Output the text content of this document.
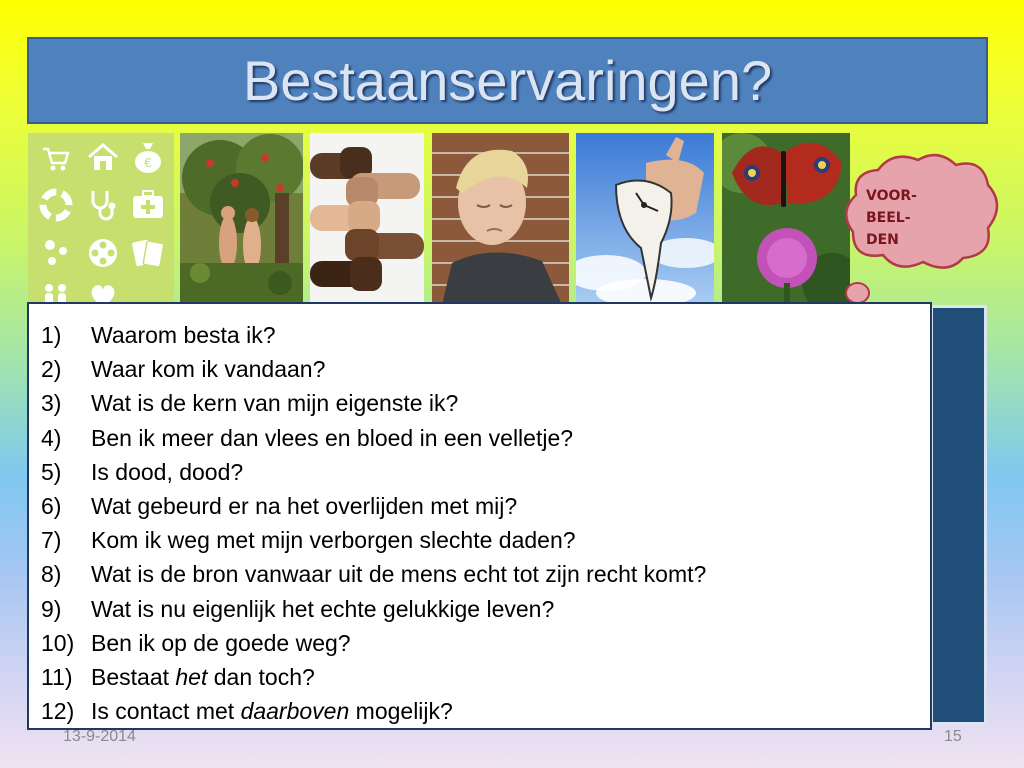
Bestaanservaringen?
€
VOOR-
BEEL-
DEN
1)	Waarom besta ik?
2)	Waar kom ik vandaan?
3)	Wat is de kern van mijn eigenste ik?
4)	Ben ik meer dan vlees en bloed in een velletje?
5)	Is dood, dood?
6)	Wat gebeurd er na het overlijden met mij?
7)	Kom ik weg met mijn verborgen slechte daden?
8)	Wat is de bron vanwaar uit de mens echt tot zijn recht komt?
9)	Wat is nu eigenlijk het echte gelukkige leven?
10) Ben ik op de goede weg?
11) Bestaat het dan toch?
12) Is contact met daarboven mogelijk?
13-9-2014	15
